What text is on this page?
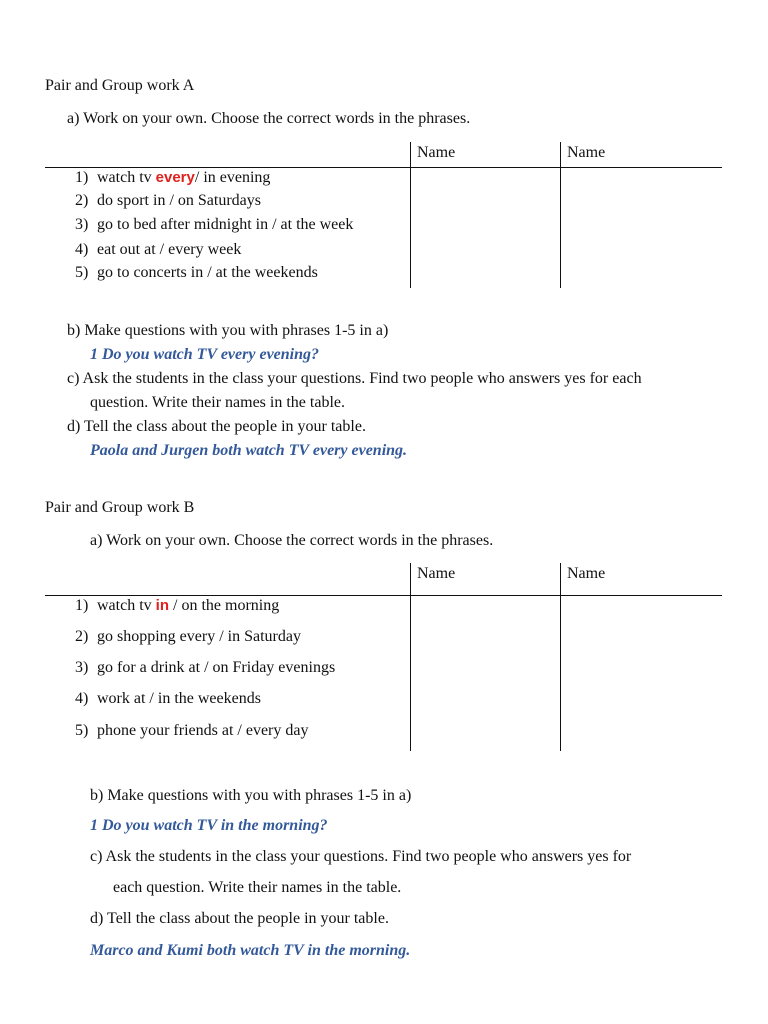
Pair and Group work A
a) Work on your own. Choose the correct words in the phrases.
Name	Name
1) watch tv every/ in evening
2) do sport in / on Saturdays
3) go to bed after midnight in / at the week
4) eat out at / every week
5) go to concerts in / at the weekends
b) Make questions with you with phrases 1-5 in a)
1 Do you watch TV every evening?
c) Ask the students in the class your questions. Find two people who answers yes for each
question. Write their names in the table.
d) Tell the class about the people in your table.
Paola and Jurgen both watch TV every evening.
Pair and Group work B
a) Work on your own. Choose the correct words in the phrases.
Name	Name
1) watch tv in / on the morning
2) go shopping every / in Saturday
3) go for a drink at / on Friday evenings
4) work at / in the weekends
5) phone your friends at / every day
b) Make questions with you with phrases 1-5 in a)
1 Do you watch TV in the morning?
c) Ask the students in the class your questions. Find two people who answers yes for
each question. Write their names in the table.
d) Tell the class about the people in your table.
Marco and Kumi both watch TV in the morning.
